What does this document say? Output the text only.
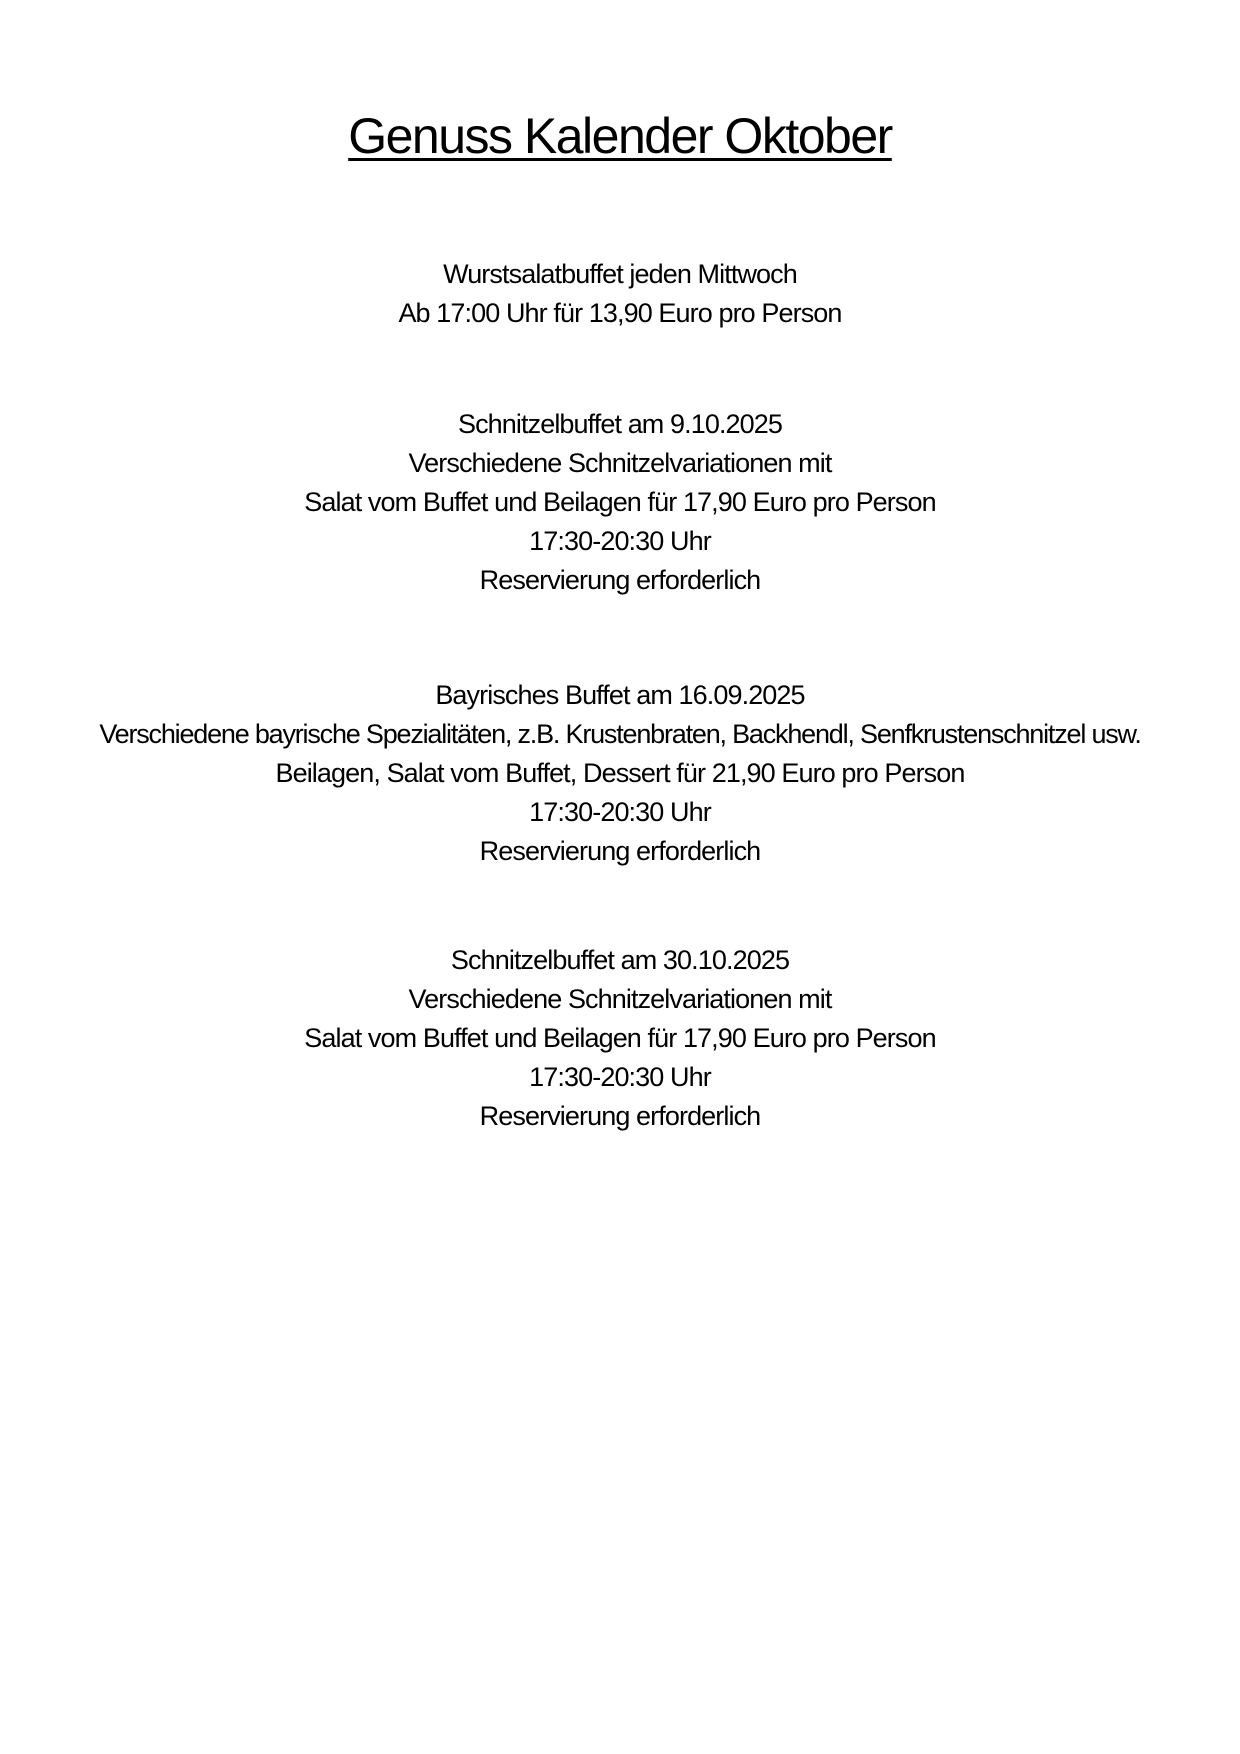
Genuss Kalender Oktober
Wurstsalatbuffet jeden Mittwoch
Ab 17:00 Uhr für 13,90 Euro pro Person
Schnitzelbuffet am 9.10.2025
Verschiedene Schnitzelvariationen mit
Salat vom Buffet und Beilagen für 17,90 Euro pro Person
17:30-20:30 Uhr
Reservierung erforderlich
Bayrisches Buffet am 16.09.2025
Verschiedene bayrische Spezialitäten, z.B. Krustenbraten, Backhendl, Senfkrustenschnitzel usw.
Beilagen, Salat vom Buffet, Dessert für 21,90 Euro pro Person
17:30-20:30 Uhr
Reservierung erforderlich
Schnitzelbuffet am 30.10.2025
Verschiedene Schnitzelvariationen mit
Salat vom Buffet und Beilagen für 17,90 Euro pro Person
17:30-20:30 Uhr
Reservierung erforderlich
